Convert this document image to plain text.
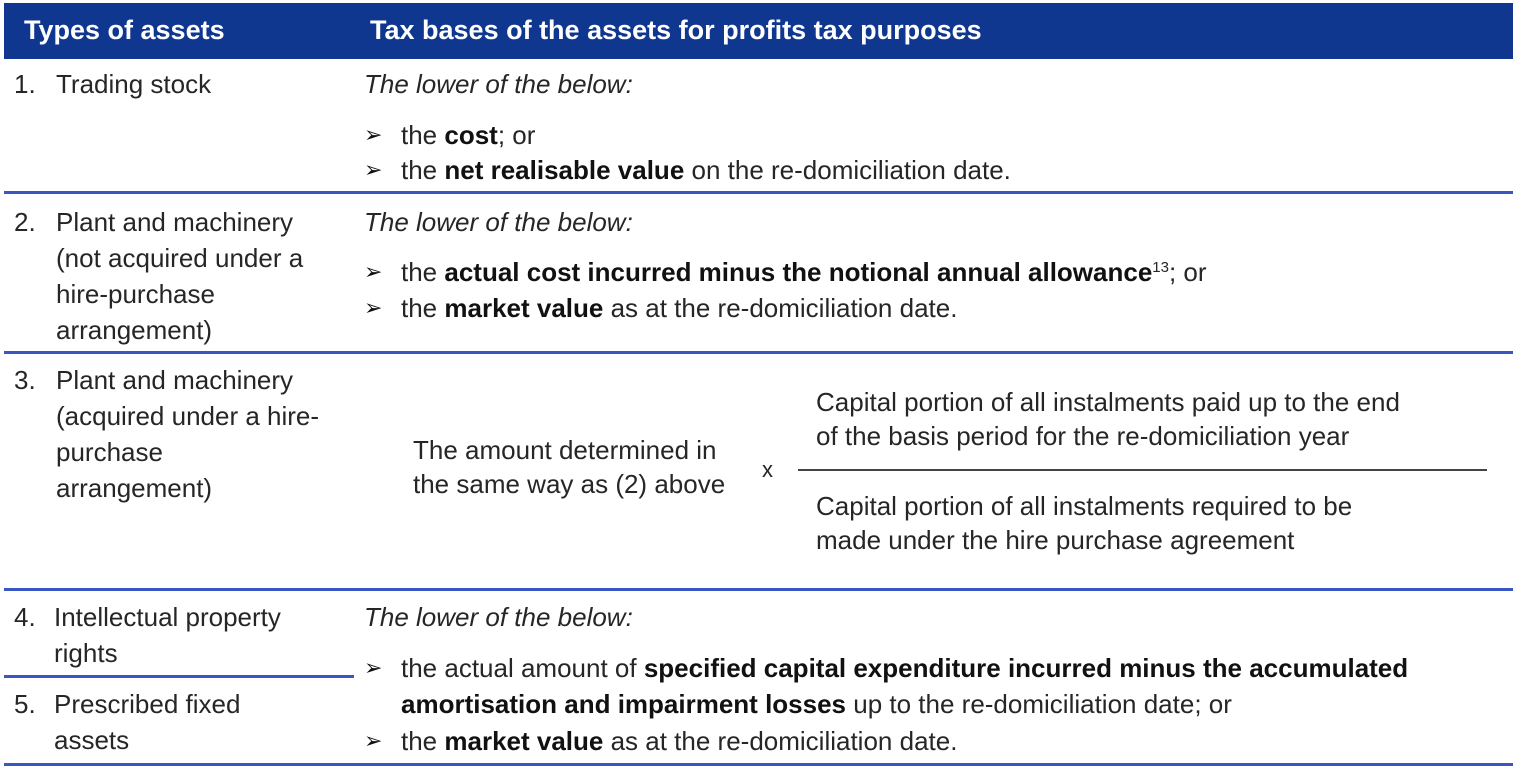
Types of assets	Tax bases of the assets for profits tax purposes
1. Trading stock	The lower of the below:
➢ the cost; or
➢ the net realisable value on the re-domiciliation date.
2. Plant and machinery
(not acquired under a
hire-purchase
arrangement)
The lower of the below:
➢ the actual cost incurred minus the notional annual allowance$^{13}$; or
➢ the market value as at the re-domiciliation date.
3. Plant and machinery
(acquired under a hire-
purchase
arrangement)
The amount determined in
the same way as (2) above x
Capital portion of all instalments paid up to the end
of the basis period for the re-domiciliation year
Capital portion of all instalments required to be
made under the hire purchase agreement
4. Intellectual property
rights
5. Prescribed fixed
assets
The lower of the below:
➢ the actual amount of specified capital expenditure incurred minus the accumulated
amortisation and impairment losses up to the re-domiciliation date; or
➢ the market value as at the re-domiciliation date.
